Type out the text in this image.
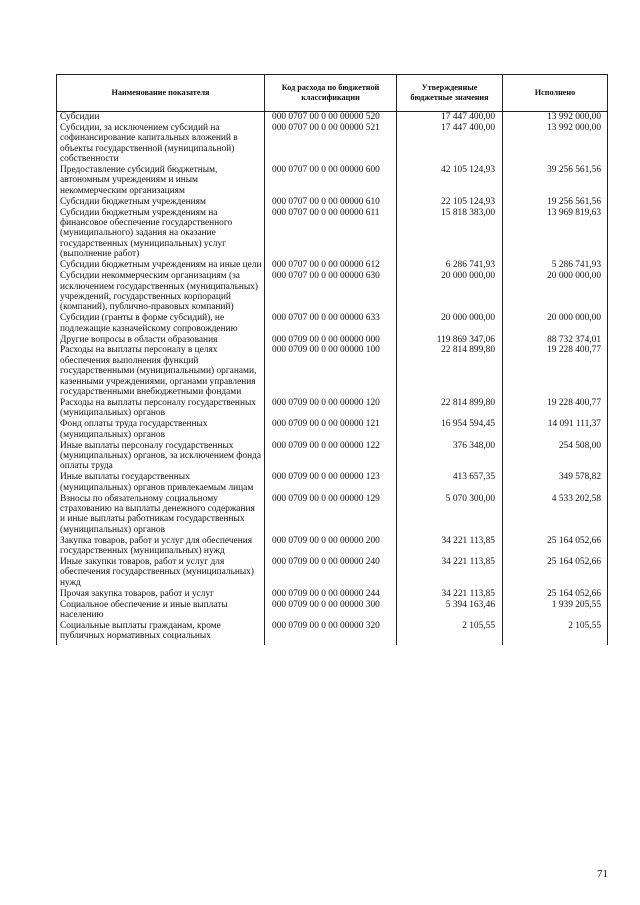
Наименование показателя	Код расхода по бюджетной классификации	Утвержденные бюджетные значения	Исполнено
Субсидии	000 0707 00 0 00 00000 520	17 447 400,00	13 992 000,00
Субсидии, за исключением субсидий на софинансирование капитальных вложений в объекты государственной (муниципальной) собственности	000 0707 00 0 00 00000 521	17 447 400,00	13 992 000,00
Предоставление субсидий бюджетным, автономным учреждениям и иным некоммерческим организациям	000 0707 00 0 00 00000 600	42 105 124,93	39 256 561,56
Субсидии бюджетным учреждениям	000 0707 00 0 00 00000 610	22 105 124,93	19 256 561,56
Субсидии бюджетным учреждениям на финансовое обеспечение государственного (муниципального) задания на оказание государственных (муниципальных) услуг (выполнение работ)	000 0707 00 0 00 00000 611	15 818 383,00	13 969 819,63
Субсидии бюджетным учреждениям на иные цели	000 0707 00 0 00 00000 612	6 286 741,93	5 286 741,93
Субсидии некоммерческим организациям (за исключением государственных (муниципальных) учреждений, государственных корпораций (компаний), публично-правовых компаний)	000 0707 00 0 00 00000 630	20 000 000,00	20 000 000,00
Субсидии (гранты в форме субсидий), не подлежащие казначейскому сопровождению	000 0707 00 0 00 00000 633	20 000 000,00	20 000 000,00
Другие вопросы в области образования	000 0709 00 0 00 00000 000	119 869 347,06	88 732 374,01
Расходы на выплаты персоналу в целях обеспечения выполнения функций государственными (муниципальными) органами, казенными учреждениями, органами управления государственными внебюджетными фондами	000 0709 00 0 00 00000 100	22 814 899,80	19 228 400,77
Расходы на выплаты персоналу государственных (муниципальных) органов	000 0709 00 0 00 00000 120	22 814 899,80	19 228 400,77
Фонд оплаты труда государственных (муниципальных) органов	000 0709 00 0 00 00000 121	16 954 594,45	14 091 111,37
Иные выплаты персоналу государственных (муниципальных) органов, за исключением фонда оплаты труда	000 0709 00 0 00 00000 122	376 348,00	254 508,00
Иные выплаты государственных (муниципальных) органов привлекаемым лицам	000 0709 00 0 00 00000 123	413 657,35	349 578,82
Взносы по обязательному социальному страхованию на выплаты денежного содержания и иные выплаты работникам государственных (муниципальных) органов	000 0709 00 0 00 00000 129	5 070 300,00	4 533 202,58
Закупка товаров, работ и услуг для обеспечения государственных (муниципальных) нужд	000 0709 00 0 00 00000 200	34 221 113,85	25 164 052,66
Иные закупки товаров, работ и услуг для обеспечения государственных (муниципальных) нужд	000 0709 00 0 00 00000 240	34 221 113,85	25 164 052,66
Прочая закупка товаров, работ и услуг	000 0709 00 0 00 00000 244	34 221 113,85	25 164 052,66
Социальное обеспечение и иные выплаты населению	000 0709 00 0 00 00000 300	5 394 163,46	1 939 205,55
Социальные выплаты гражданам, кроме публичных нормативных социальных	000 0709 00 0 00 00000 320	2 105,55	2 105,55
71
